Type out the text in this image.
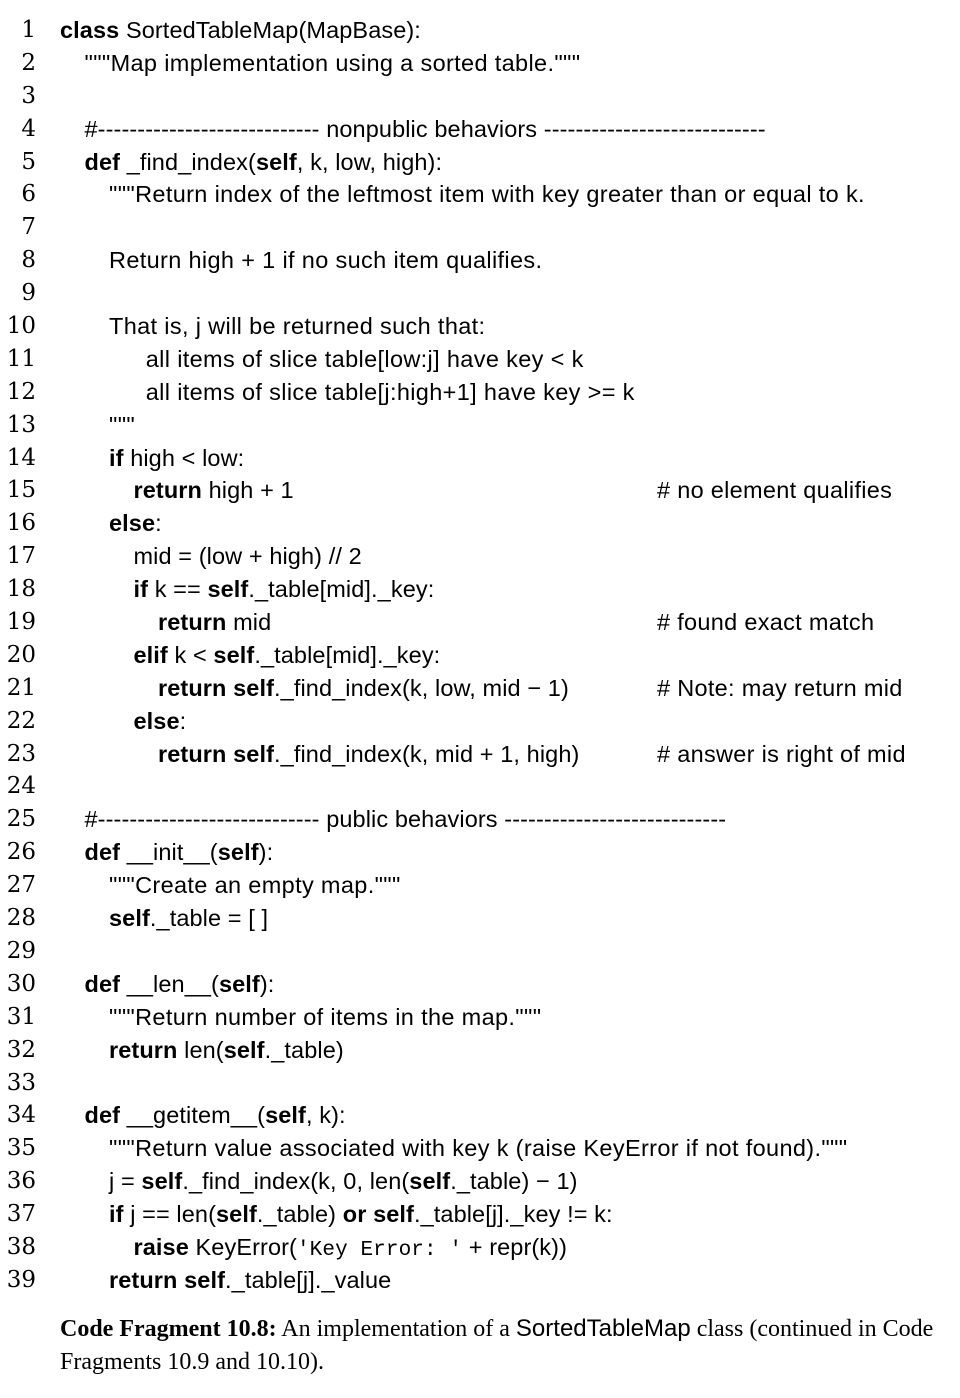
1 class SortedTableMap(MapBase):
2 """Map implementation using a sorted table."""
3
4 #---------------------------- nonpublic behaviors ----------------------------
5 def _find_index(self, k, low, high):
6	"""Return index of the leftmost item with key greater than or equal to k.
7
8	Return high + 1 if no such item qualifies.
9
10	That is, j will be returned such that:
11	all items of slice table[low:j] have key < k
12	all items of slice table[j:high+1] have key >= k
13	"""
14	if high < low:
15	return high + 1	# no element qualifies
16	else:
17	mid = (low + high) // 2
18	if k == self._table[mid]._key:
19	return mid	# found exact match
20	elif k < self._table[mid]._key:
21	return self._find_index(k, low, mid − 1)	# Note: may return mid
22	else:
23	return self._find_index(k, mid + 1, high)	# answer is right of mid
24
25 #---------------------------- public behaviors ----------------------------
26 def __init__(self):
27	"""Create an empty map."""
28	self._table = [ ]
29
30 def __len__(self):
31	"""Return number of items in the map."""
32	return len(self._table)
33
34 def __getitem__(self, k):
35	"""Return value associated with key k (raise KeyError if not found)."""
36	j = self._find_index(k, 0, len(self._table) − 1)
37	if j == len(self._table) or self._table[j]._key != k:
38	raise KeyError('Key Error: ' + repr(k))
39	return self._table[j]._value
Code Fragment 10.8: An implementation of a SortedTableMap class (continued in Code Fragments 10.9 and 10.10).
